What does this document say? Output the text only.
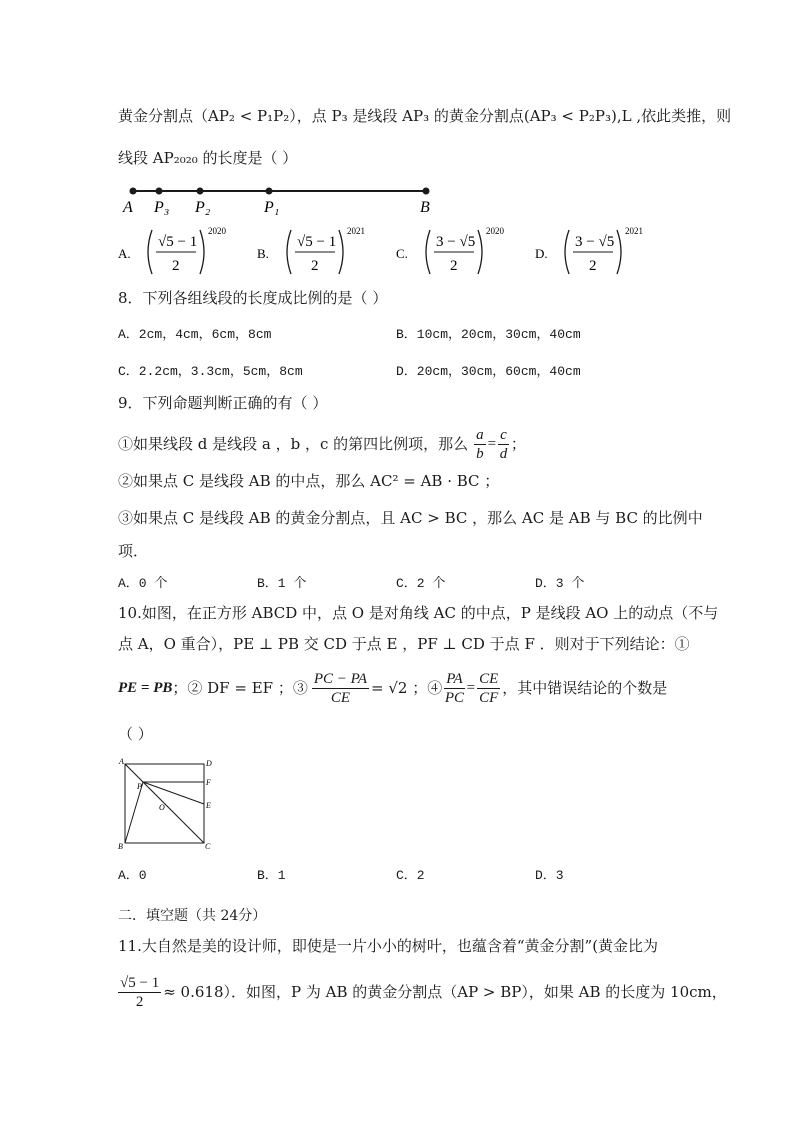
黄金分割点（AP₂ < P₁P₂），点 P₃ 是线段 AP₃ 的黄金分割点(AP₃ < P₂P₃),L ,依此类推，则
线段 AP₂₀₂₀ 的长度是（ ）
A P₃ P₂	P₁	B
A.
√5 − 1
2
2020
B.
√5 − 1
2
2021
C.
3 − √5
2
2020
D.
3 − √5
2
2021
8．下列各组线段的长度成比例的是（ ）
A．2cm，4cm，6cm，8cm	B．10cm，20cm，30cm，40cm
C．2.2cm，3.3cm，5cm，8cm	D．20cm，30cm，60cm，40cm
9．下列命题判断正确的有（ ）
①如果线段 d 是线段 a ，b ，c 的第四比例项，那么 $\frac{a}{b} = \frac{c}{d}$ ；
②如果点 C 是线段 AB 的中点，那么 AC² = AB · BC ；
③如果点 C 是线段 AB 的黄金分割点，且 AC > BC ，那么 AC 是 AB 与 BC 的比例中
项．
A．0 个	B．1 个	C．2 个	D．3 个
10.如图，在正方形 ABCD 中，点 O 是对角线 AC 的中点，P 是线段 AO 上的动点（不与
点 A，O 重合），PE ⊥ PB 交 CD 于点 E ，PF ⊥ CD 于点 F ．则对于下列结论：①
PE = PB ；② DF = EF ；③ $\frac{PC - PA}{CE} = √2$ ；④ $\frac{PA}{PC} = \frac{CE}{CF}$ ，其中错误结论的个数是
（ ）
A	D
F
P
E
O
B	C
A．0	B．1	C．2	D．3
二．填空题（共 24分）
11.大自然是美的设计师，即使是一片小小的树叶，也蕴含着“黄金分割”(黄金比为
$\frac{√5 - 1}{2} \approx 0.618$）．如图，P 为 AB 的黄金分割点（AP > BP），如果 AB 的长度为 10cm，
